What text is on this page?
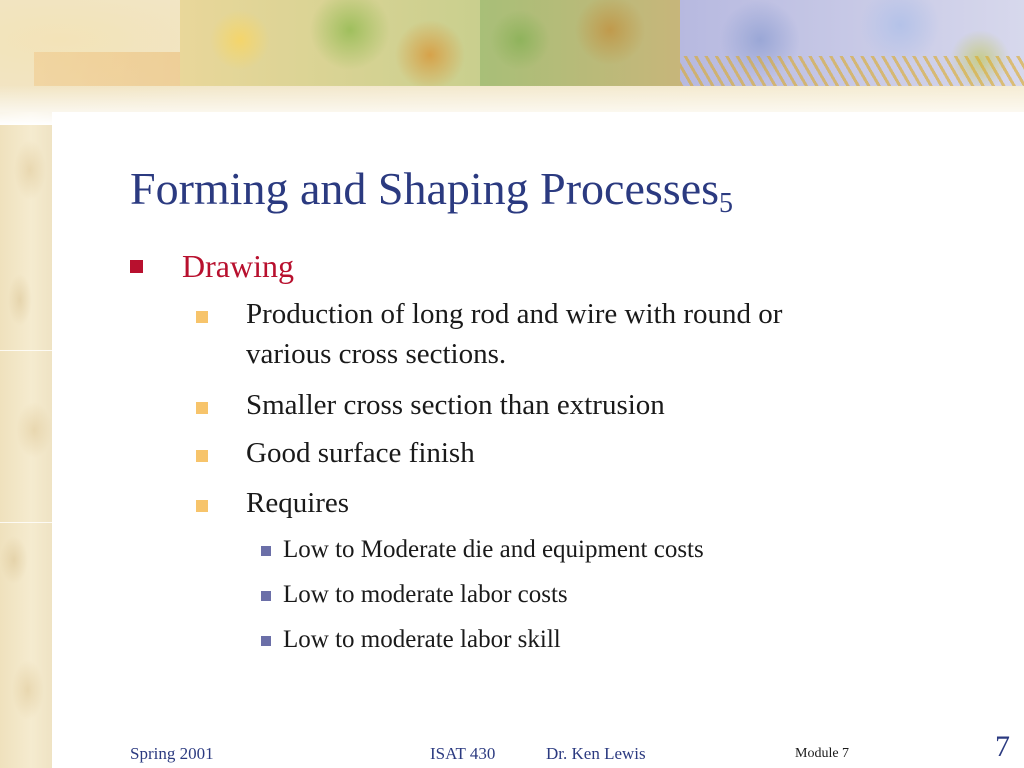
Forming and Shaping Processes$_5$
Drawing
Production of long rod and wire with round or
various cross sections.
Smaller cross section than extrusion
Good surface finish
Requires
Low to Moderate die and equipment costs
Low to moderate labor costs
Low to moderate labor skill
Spring 2001	ISAT 430	Dr. Ken Lewis	Module 7	7
